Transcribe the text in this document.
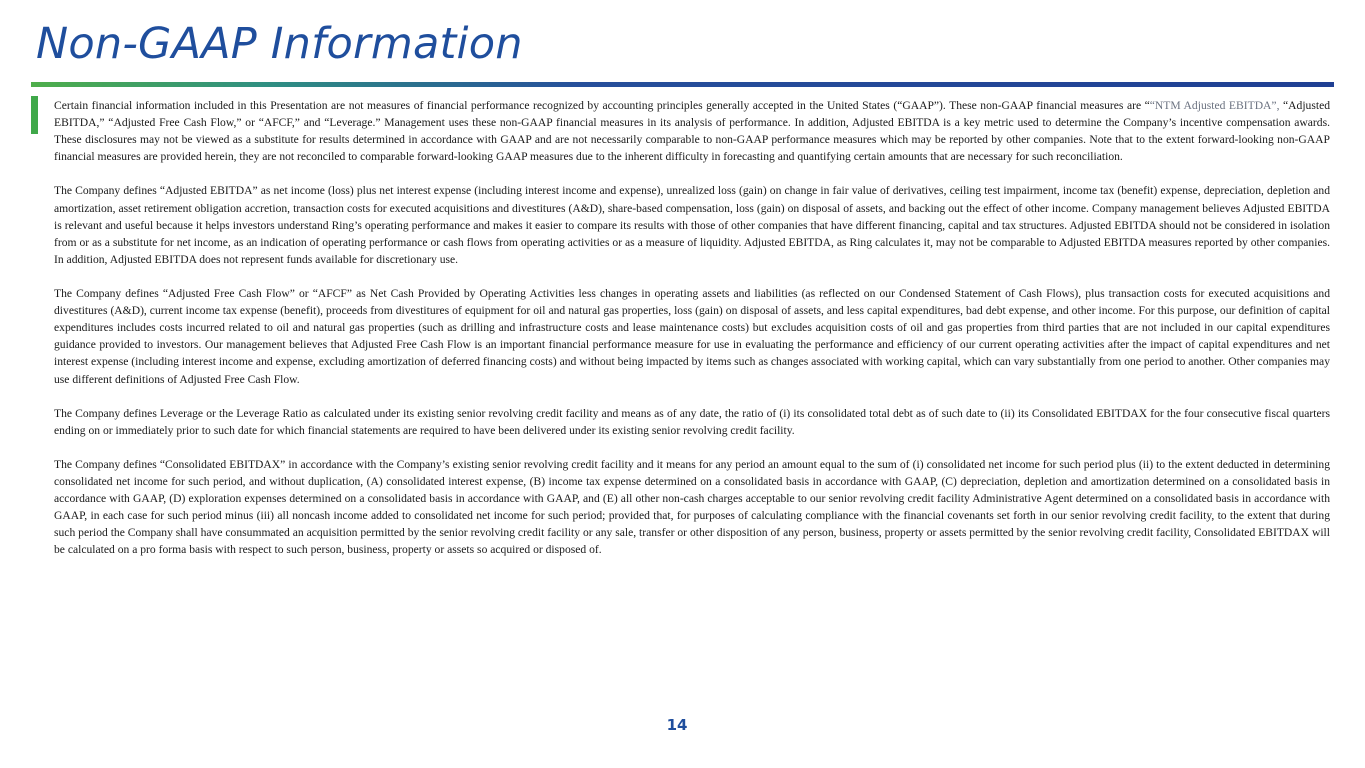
Non-GAAP Information

Certain financial information included in this Presentation are not measures of financial performance recognized by accounting principles generally accepted in the United States (“GAAP”). These non-GAAP financial measures are ““NTM Adjusted EBITDA”, “Adjusted EBITDA,” “Adjusted Free Cash Flow,” or “AFCF,” and “Leverage.” Management uses these non-GAAP financial measures in its analysis of performance. In addition, Adjusted EBITDA is a key metric used to determine the Company’s incentive compensation awards. These disclosures may not be viewed as a substitute for results determined in accordance with GAAP and are not necessarily comparable to non-GAAP performance measures which may be reported by other companies. Note that to the extent forward-looking non-GAAP financial measures are provided herein, they are not reconciled to comparable forward-looking GAAP measures due to the inherent difficulty in forecasting and quantifying certain amounts that are necessary for such reconciliation.

The Company defines “Adjusted EBITDA” as net income (loss) plus net interest expense (including interest income and expense), unrealized loss (gain) on change in fair value of derivatives, ceiling test impairment, income tax (benefit) expense, depreciation, depletion and amortization, asset retirement obligation accretion, transaction costs for executed acquisitions and divestitures (A&D), share-based compensation, loss (gain) on disposal of assets, and backing out the effect of other income. Company management believes Adjusted EBITDA is relevant and useful because it helps investors understand Ring’s operating performance and makes it easier to compare its results with those of other companies that have different financing, capital and tax structures. Adjusted EBITDA should not be considered in isolation from or as a substitute for net income, as an indication of operating performance or cash flows from operating activities or as a measure of liquidity. Adjusted EBITDA, as Ring calculates it, may not be comparable to Adjusted EBITDA measures reported by other companies. In addition, Adjusted EBITDA does not represent funds available for discretionary use.

The Company defines “Adjusted Free Cash Flow” or “AFCF” as Net Cash Provided by Operating Activities less changes in operating assets and liabilities (as reflected on our Condensed Statement of Cash Flows), plus transaction costs for executed acquisitions and divestitures (A&D), current income tax expense (benefit), proceeds from divestitures of equipment for oil and natural gas properties, loss (gain) on disposal of assets, and less capital expenditures, bad debt expense, and other income. For this purpose, our definition of capital expenditures includes costs incurred related to oil and natural gas properties (such as drilling and infrastructure costs and lease maintenance costs) but excludes acquisition costs of oil and gas properties from third parties that are not included in our capital expenditures guidance provided to investors. Our management believes that Adjusted Free Cash Flow is an important financial performance measure for use in evaluating the performance and efficiency of our current operating activities after the impact of capital expenditures and net interest expense (including interest income and expense, excluding amortization of deferred financing costs) and without being impacted by items such as changes associated with working capital, which can vary substantially from one period to another. Other companies may use different definitions of Adjusted Free Cash Flow.

The Company defines Leverage or the Leverage Ratio as calculated under its existing senior revolving credit facility and means as of any date, the ratio of (i) its consolidated total debt as of such date to (ii) its Consolidated EBITDAX for the four consecutive fiscal quarters ending on or immediately prior to such date for which financial statements are required to have been delivered under its existing senior revolving credit facility.

The Company defines “Consolidated EBITDAX” in accordance with the Company’s existing senior revolving credit facility and it means for any period an amount equal to the sum of (i) consolidated net income for such period plus (ii) to the extent deducted in determining consolidated net income for such period, and without duplication, (A) consolidated interest expense, (B) income tax expense determined on a consolidated basis in accordance with GAAP, (C) depreciation, depletion and amortization determined on a consolidated basis in accordance with GAAP, (D) exploration expenses determined on a consolidated basis in accordance with GAAP, and (E) all other non-cash charges acceptable to our senior revolving credit facility Administrative Agent determined on a consolidated basis in accordance with GAAP, in each case for such period minus (iii) all noncash income added to consolidated net income for such period; provided that, for purposes of calculating compliance with the financial covenants set forth in our senior revolving credit facility, to the extent that during such period the Company shall have consummated an acquisition permitted by the senior revolving credit facility or any sale, transfer or other disposition of any person, business, property or assets permitted by the senior revolving credit facility, Consolidated EBITDAX will be calculated on a pro forma basis with respect to such person, business, property or assets so acquired or disposed of.

14
